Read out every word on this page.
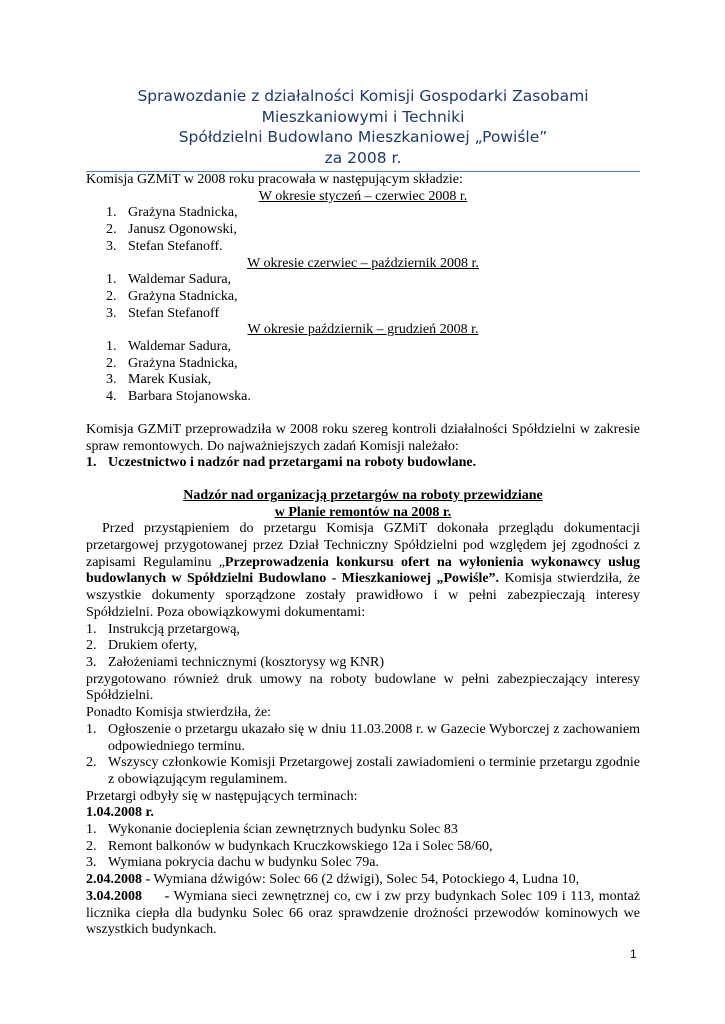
Sprawozdanie z działalności Komisji Gospodarki Zasobami
Mieszkaniowymi i Techniki
Spółdzielni Budowlano Mieszkaniowej „Powiśle”
za 2008 r.

Komisja GZMiT w 2008 roku pracowała w następującym składzie:

W okresie styczeń – czerwiec 2008 r.
1. Grażyna Stadnicka,
2. Janusz Ogonowski,
3. Stefan Stefanoff.
W okresie czerwiec – październik 2008 r.
1. Waldemar Sadura,
2. Grażyna Stadnicka,
3. Stefan Stefanoff
W okresie październik – grudzień 2008 r.
1. Waldemar Sadura,
2. Grażyna Stadnicka,
3. Marek Kusiak,
4. Barbara Stojanowska.

Komisja GZMiT przeprowadziła w 2008 roku szereg kontroli działalności Spółdzielni w zakresie spraw remontowych. Do najważniejszych zadań Komisji należało:

1. Uczestnictwo i nadzór nad przetargami na roboty budowlane.
Nadzór nad organizacją przetargów na roboty przewidziane
w Planie remontów na 2008 r.

Przed przystąpieniem do przetargu Komisja GZMiT dokonała przeglądu dokumentacji przetargowej przygotowanej przez Dział Techniczny Spółdzielni pod względem jej zgodności z zapisami Regulaminu „Przeprowadzenia konkursu ofert na wyłonienia wykonawcy usług budowlanych w Spółdzielni Budowlano - Mieszkaniowej „Powiśle”. Komisja stwierdziła, że wszystkie dokumenty sporządzone zostały prawidłowo i w pełni zabezpieczają interesy Spółdzielni. Poza obowiązkowymi dokumentami:

1. Instrukcją przetargową,
2. Drukiem oferty,
3. Założeniami technicznymi (kosztorysy wg KNR)

przygotowano również druk umowy na roboty budowlane w pełni zabezpieczający interesy Spółdzielni.

Ponadto Komisja stwierdziła, że:

1. Ogłoszenie o przetargu ukazało się w dniu 11.03.2008 r. w Gazecie Wyborczej z zachowaniem odpowiedniego terminu.
2. Wszyscy członkowie Komisji Przetargowej zostali zawiadomieni o terminie przetargu zgodnie z obowiązującym regulaminem.

Przetargi odbyły się w następujących terminach:

1.04.2008 r.

1. Wykonanie docieplenia ścian zewnętrznych budynku Solec 83
2. Remont balkonów w budynkach Kruczkowskiego 12a i Solec 58/60,
3. Wymiana pokrycia dachu w budynku Solec 79a.

2.04.2008 - Wymiana dźwigów: Solec 66 (2 dźwigi), Solec 54, Potockiego 4, Ludna 10,

3.04.2008     - Wymiana sieci zewnętrznej co, cw i zw przy budynkach Solec 109 i 113, montaż licznika ciepła dla budynku Solec 66 oraz sprawdzenie drożności przewodów kominowych we wszystkich budynkach.

1
